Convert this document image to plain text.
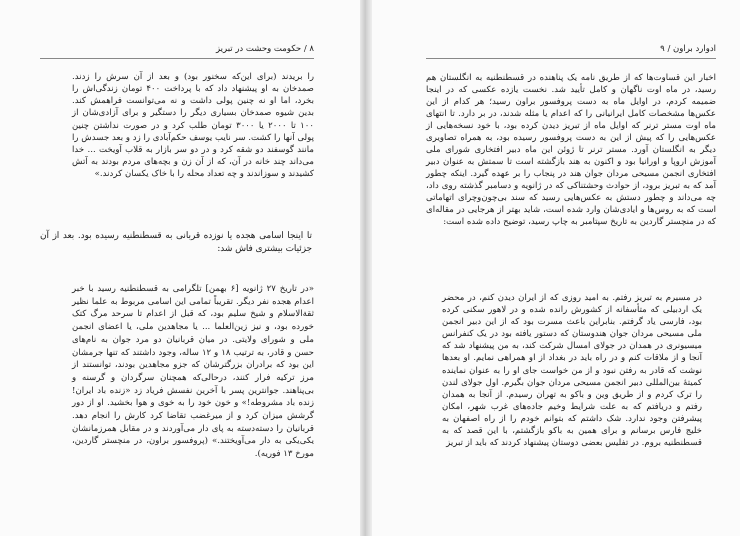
۸ / حکومت وحشت در تبریز

را بریدند (برای این‌که سخنور بود) و بعد از آن سرش را زدند. صمدخان به او پیشنهاد داد که با پرداخت ۴۰۰ تومان زندگی‌اش را بخرد، اما او نه چنین پولی داشت و نه می‌توانست فراهمش کند. بدین شیوه صمدخان بسیاری دیگر را دستگیر و برای آزادی‌شان از ۱۰۰ تا ۲۰۰۰ یا ۳۰۰۰ تومان طلب کرد و در صورت نداشتن چنین پولی آنها را کشت. سر نایب یوسف حکم‌آبادی را زد و بعد جسدش را مانند گوسفند دو شقه کرد و در دو سر بازار به قلاب آویخت ... خدا می‌داند چند خانه در آن، که از آن زن و بچه‌های مردم بودند به آتش کشیدند و سوزاندند و چه تعداد محله را با خاک یکسان کردند.»

تا اینجا اسامی هجده یا نوزده قربانی به قسطنطنیه رسیده بود. بعد از آن جزئیات بیشتری فاش شد:

«در تاریخ ۲۷ ژانویه [۶ بهمن] تلگرامی به قسطنطنیه رسید با خبر اعدام هجده نفر دیگر. تقریباً تمامی این اسامی مربوط به علما نظیر ثقةالاسلام و شیخ سلیم بود، که قبل از اعدام تا سرحد مرگ کتک خورده بود، و نیز زین‌العلما ... یا مجاهدین ملی، یا اعضای انجمن ملی و شورای ولایتی. در میان قربانیان دو مرد جوان به نام‌های حسن و قادر، به ترتیب ۱۸ و ۱۲ ساله، وجود داشتند که تنها جرمشان این بود که برادران بزرگترشان که جزو مجاهدین بودند، توانستند از مرز ترکیه فرار کنند، درحالی‌که همچنان سرگردان و گرسنه و بی‌پناهند. جوانترین پسر با آخرین نفسش فریاد زد «زنده باد ایران! زنده باد مشروطه!» و خون خود را به خوی و هوا بخشید. او از دور گرشش میزان کرد و از میرغضب تقاضا کرد کارش را انجام دهد. قربانیان را دسته‌دسته به پای دار می‌آوردند و در مقابل همرزمانشان یکی‌یکی به دار می‌آویختند.» (پروفسور براون، در منچستر گاردین، مورخ ۱۳ فوریه).

ادوارد براون / ۹

اخبار این قساوت‌ها که از طریق نامه یک پناهنده در قسطنطنیه به انگلستان هم رسید، در ماه اوت ناگهان و کامل تأیید شد. نخست یازده عکسی که در اینجا ضمیمه کردم، در اوایل ماه به دست پروفسور براون رسید؛ هر کدام از این عکس‌ها مشخصات کامل ایرانیانی را که اعدام یا مثله شدند، در بر دارد. تا انتهای ماه اوت مستر ترنر که اوایل ماه از تبریز دیدن کرده بود، با خود نسخه‌هایی از عکس‌هایی را که پیش از این به دست پروفسور رسیده بود، به همراه تصاویری دیگر به انگلستان آورد. مستر ترنر تا ژوئن این ماه دبیر افتخاری شورای ملی آموزش اروپا و اورانیا بود و اکنون به هند بازگشته است تا سمتش به عنوان دبیر افتخاری انجمن مسیحی مردان جوان هند در پنجاب را بر عهده گیرد. اینکه چطور آمد که به تبریز برود، از حوادث وحشتناکی که در ژانویه و دسامبر گذشته روی داد، چه می‌داند و چطور دستش به عکس‌هایی رسید که سند بی‌چون‌وچرای اتهاماتی است که به روس‌ها و ایادی‌شان وارد شده است، شاید بهتر از هرجایی در مقاله‌ای که در منچستر گاردین به تاریخ سپتامبر به چاپ رسید، توضیح داده شده است:

در مسیرم به تبریز رفتم. به امید روزی که از ایران دیدن کنم، در محضر یک اردبیلی که متأسفانه از کشورش رانده شده و در لاهور سکنی کرده بود، فارسی یاد گرفتم. بنابراین باعث مسرت بود که از این دبیر انجمن ملی مسیحی مردان جوان هندوستان که دستور یافته بود در یک کنفرانس میسیونری در همدان در جولای امسال شرکت کند، به من پیشنهاد شد که آنجا و از ملاقات کنم و در راه باید در بغداد از او همراهی نمایم. او بعدها نوشت که قادر به رفتن نبود و از من خواست جای او را به عنوان نماینده کمیتهٔ بین‌المللی دبیر انجمن مسیحی مردان جوان بگیرم. اول جولای لندن را ترک کردم و از طریق وین و باکو به تهران رسیدم. از آنجا به همدان رفتم و دریافتم که به علت شرایط وخیم جاده‌های غرب شهر، امکان پیشرفتن وجود ندارد. شک داشتم که بتوانم خودم را از راه اصفهان به خلیج فارس برسانم و برای همین به باکو بازگشتم، با این قصد که به قسطنطنیه بروم. در تفلیس بعضی دوستان پیشنهاد کردند که باید از تبریز
